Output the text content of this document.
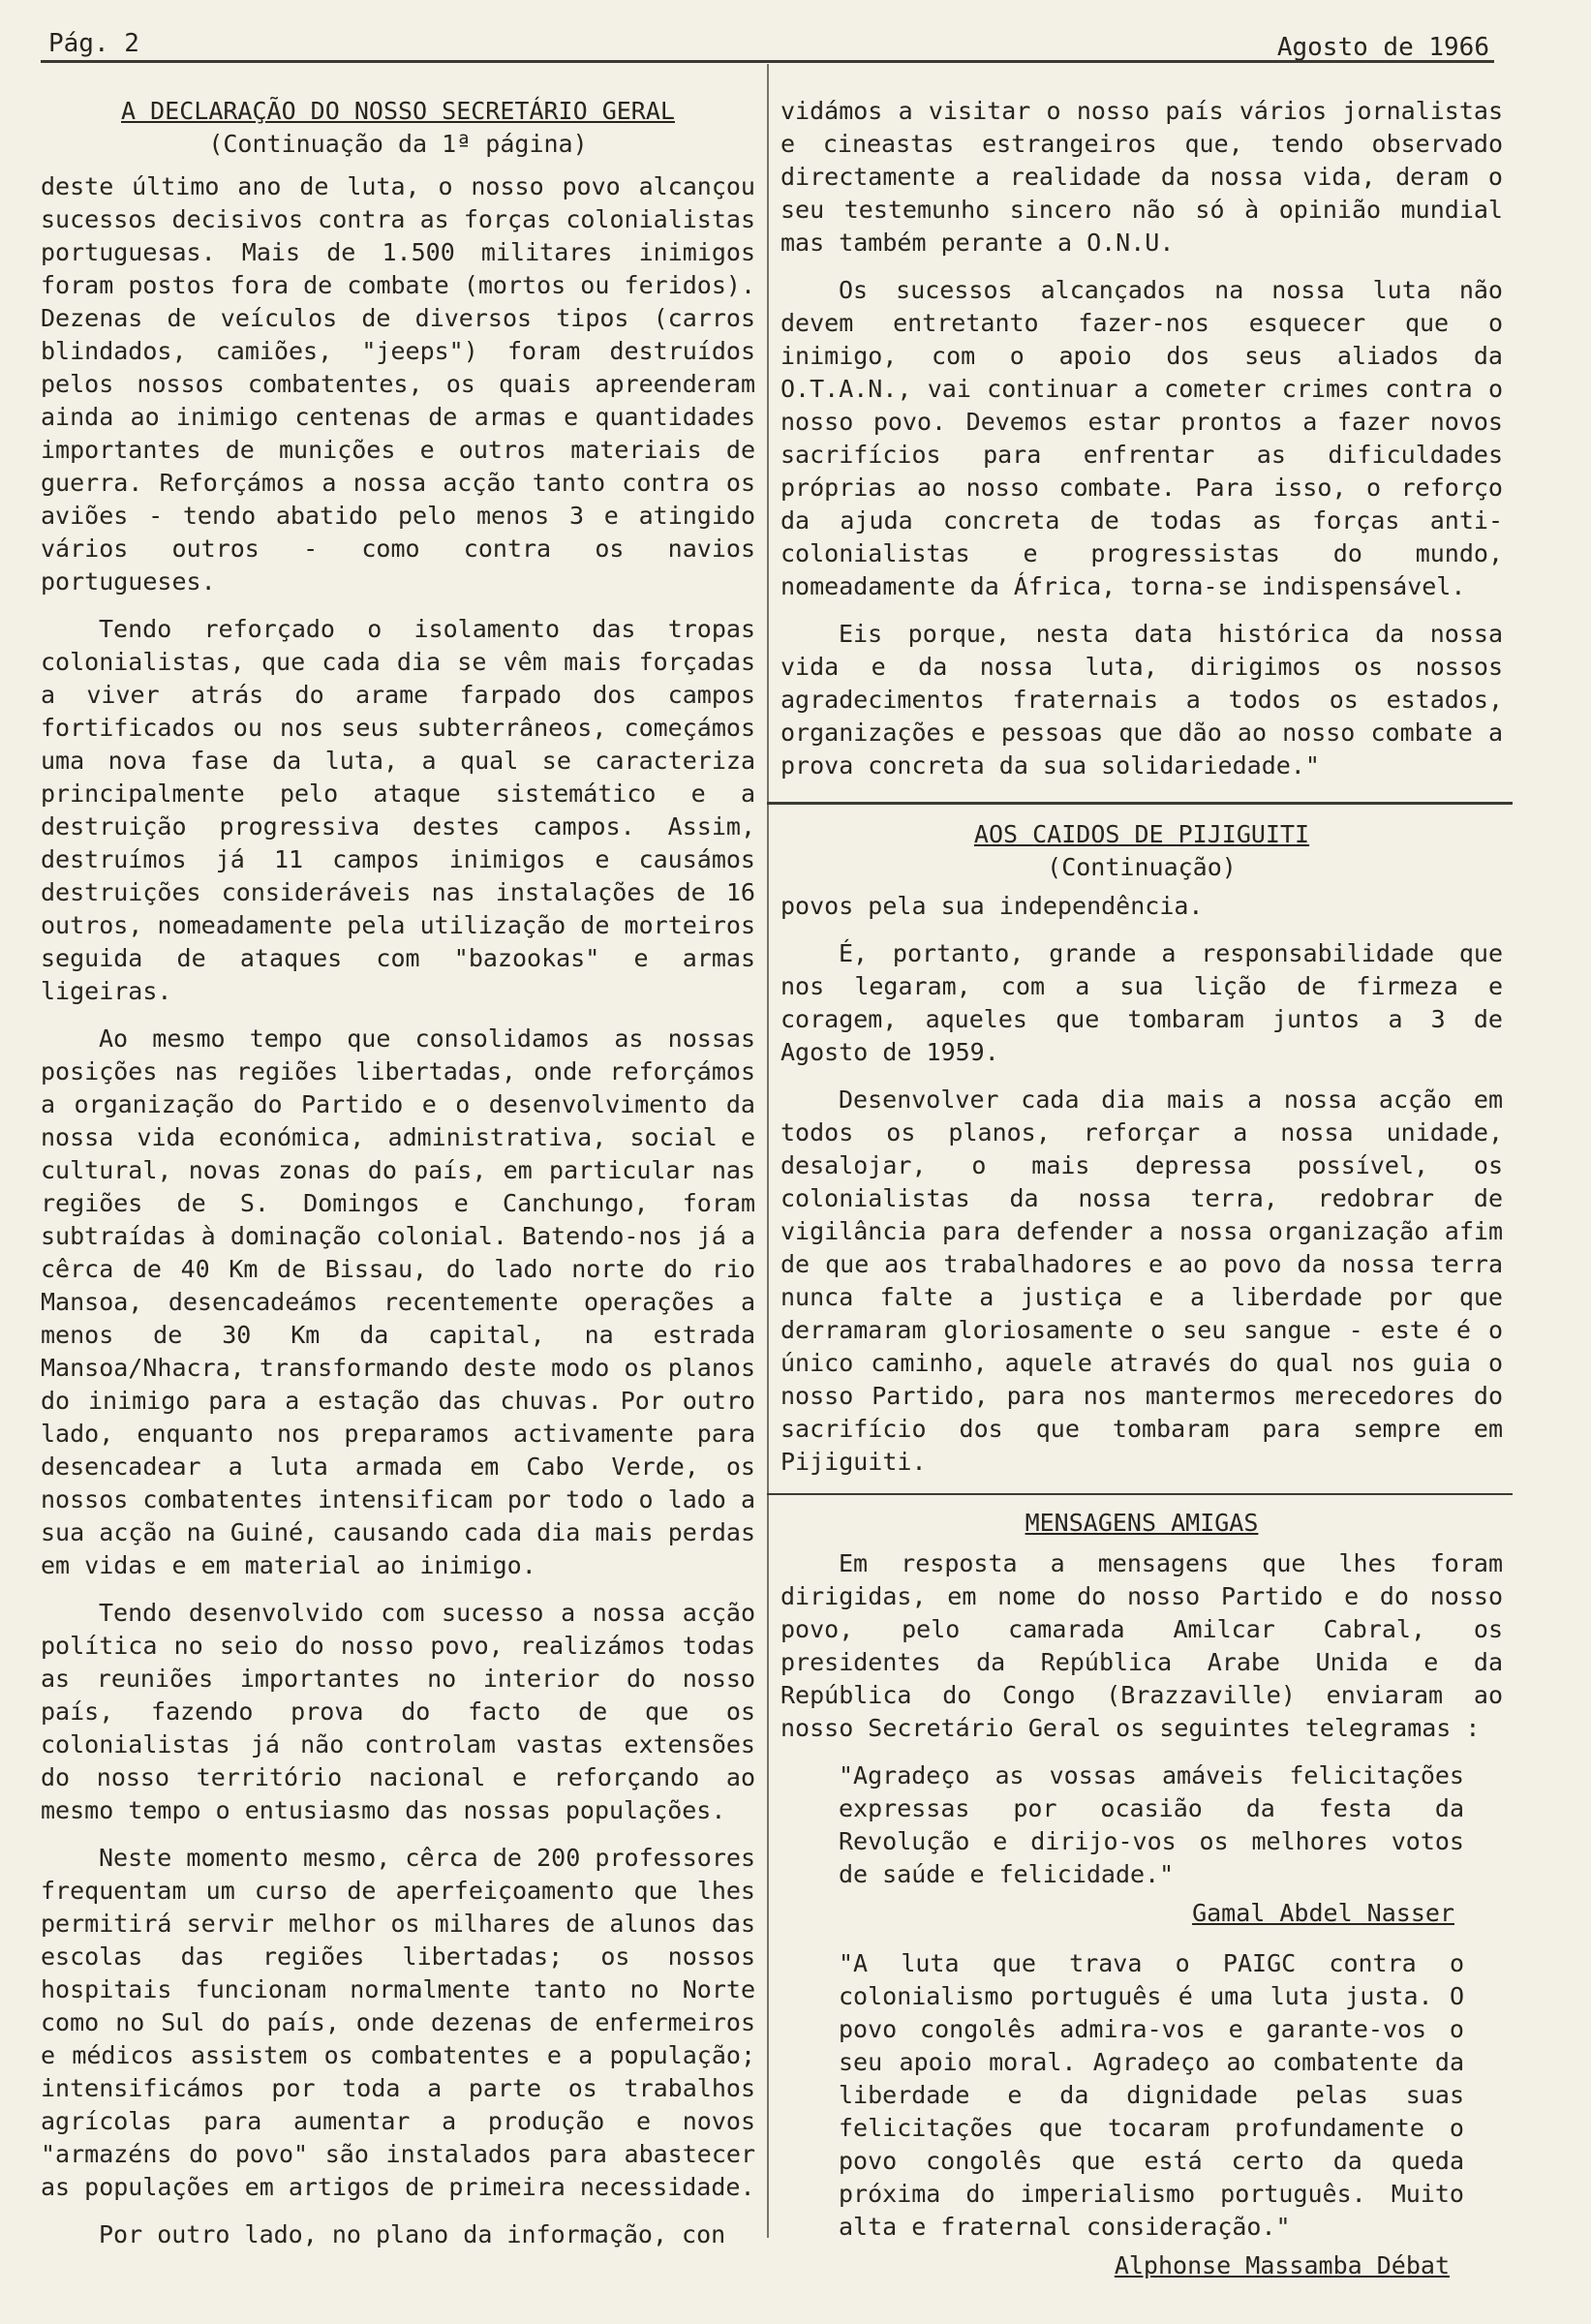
Pág. 2	Agosto de 1966
A DECLARAÇÃO DO NOSSO SECRETÁRIO GERAL
(Continuação da 1ª página)

deste último ano de luta, o nosso povo alcançou sucessos decisivos contra as forças colonialistas portuguesas. Mais de 1.500 militares inimigos foram postos fora de combate (mortos ou feridos). Dezenas de veículos de diversos tipos (carros blindados, camiões, "jeeps") foram destruídos pelos nossos combatentes, os quais apreenderam ainda ao inimigo centenas de armas e quantidades importantes de munições e outros materiais de guerra. Reforçámos a nossa acção tanto contra os aviões - tendo abatido pelo menos 3 e atingido vários outros - como contra os navios portugueses.

Tendo reforçado o isolamento das tropas colonialistas, que cada dia se vêm mais forçadas a viver atrás do arame farpado dos campos fortificados ou nos seus subterrâneos, começámos uma nova fase da luta, a qual se caracteriza principalmente pelo ataque sistemático e a destruição progressiva destes campos. Assim, destruímos já 11 campos inimigos e causámos destruições consideráveis nas instalações de 16 outros, nomeadamente pela utilização de morteiros seguida de ataques com "bazookas" e armas ligeiras.

Ao mesmo tempo que consolidamos as nossas posições nas regiões libertadas, onde reforçámos a organização do Partido e o desenvolvimento da nossa vida económica, administrativa, social e cultural, novas zonas do país, em particular nas regiões de S. Domingos e Canchungo, foram subtraídas à dominação colonial. Batendo-nos já a cêrca de 40 Km de Bissau, do lado norte do rio Mansoa, desencadeámos recentemente operações a menos de 30 Km da capital, na estrada Mansoa/Nhacra, transformando deste modo os planos do inimigo para a estação das chuvas. Por outro lado, enquanto nos preparamos activamente para desencadear a luta armada em Cabo Verde, os nossos combatentes intensificam por todo o lado a sua acção na Guiné, causando cada dia mais perdas em vidas e em material ao inimigo.

Tendo desenvolvido com sucesso a nossa acção política no seio do nosso povo, realizámos todas as reuniões importantes no interior do nosso país, fazendo prova do facto de que os colonialistas já não controlam vastas extensões do nosso território nacional e reforçando ao mesmo tempo o entusiasmo das nossas populações.

Neste momento mesmo, cêrca de 200 professores frequentam um curso de aperfeiçoamento que lhes permitirá servir melhor os milhares de alunos das escolas das regiões libertadas; os nossos hospitais funcionam normalmente tanto no Norte como no Sul do país, onde dezenas de enfermeiros e médicos assistem os combatentes e a população; intensificámos por toda a parte os trabalhos agrícolas para aumentar a produção e novos "armazéns do povo" são instalados para abastecer as populações em artigos de primeira necessidade.

Por outro lado, no plano da informação, con

vidámos a visitar o nosso país vários jornalistas e cineastas estrangeiros que, tendo observado directamente a realidade da nossa vida, deram o seu testemunho sincero não só à opinião mundial mas também perante a O.N.U.

Os sucessos alcançados na nossa luta não devem entretanto fazer-nos esquecer que o inimigo, com o apoio dos seus aliados da O.T.A.N., vai continuar a cometer crimes contra o nosso povo. Devemos estar prontos a fazer novos sacrifícios para enfrentar as dificuldades próprias ao nosso combate. Para isso, o reforço da ajuda concreta de todas as forças anti-colonialistas e progressistas do mundo, nomeadamente da África, torna-se indispensável.

Eis porque, nesta data histórica da nossa vida e da nossa luta, dirigimos os nossos agradecimentos fraternais a todos os estados, organizações e pessoas que dão ao nosso combate a prova concreta da sua solidariedade."

AOS CAIDOS DE PIJIGUITI
(Continuação)

povos pela sua independência.

É, portanto, grande a responsabilidade que nos legaram, com a sua lição de firmeza e coragem, aqueles que tombaram juntos a 3 de Agosto de 1959.

Desenvolver cada dia mais a nossa acção em todos os planos, reforçar a nossa unidade, desalojar, o mais depressa possível, os colonialistas da nossa terra, redobrar de vigilância para defender a nossa organização afim de que aos trabalhadores e ao povo da nossa terra nunca falte a justiça e a liberdade por que derramaram gloriosamente o seu sangue - este é o único caminho, aquele através do qual nos guia o nosso Partido, para nos mantermos merecedores do sacrifício dos que tombaram para sempre em Pijiguiti.

MENSAGENS AMIGAS

Em resposta a mensagens que lhes foram dirigidas, em nome do nosso Partido e do nosso povo, pelo camarada Amilcar Cabral, os presidentes da República Arabe Unida e da República do Congo (Brazzaville) enviaram ao nosso Secretário Geral os seguintes telegramas :

"Agradeço as vossas amáveis felicitações expressas por ocasião da festa da Revolução e dirijo-vos os melhores votos de saúde e felicidade."
Gamal Abdel Nasser
"A luta que trava o PAIGC contra o colonialismo português é uma luta justa. O povo congolês admira-vos e garante-vos o seu apoio moral. Agradeço ao combatente da liberdade e da dignidade pelas suas felicitações que tocaram profundamente o povo congolês que está certo da queda próxima do imperialismo português. Muito alta e fraternal consideração."
Alphonse Massamba Débat
